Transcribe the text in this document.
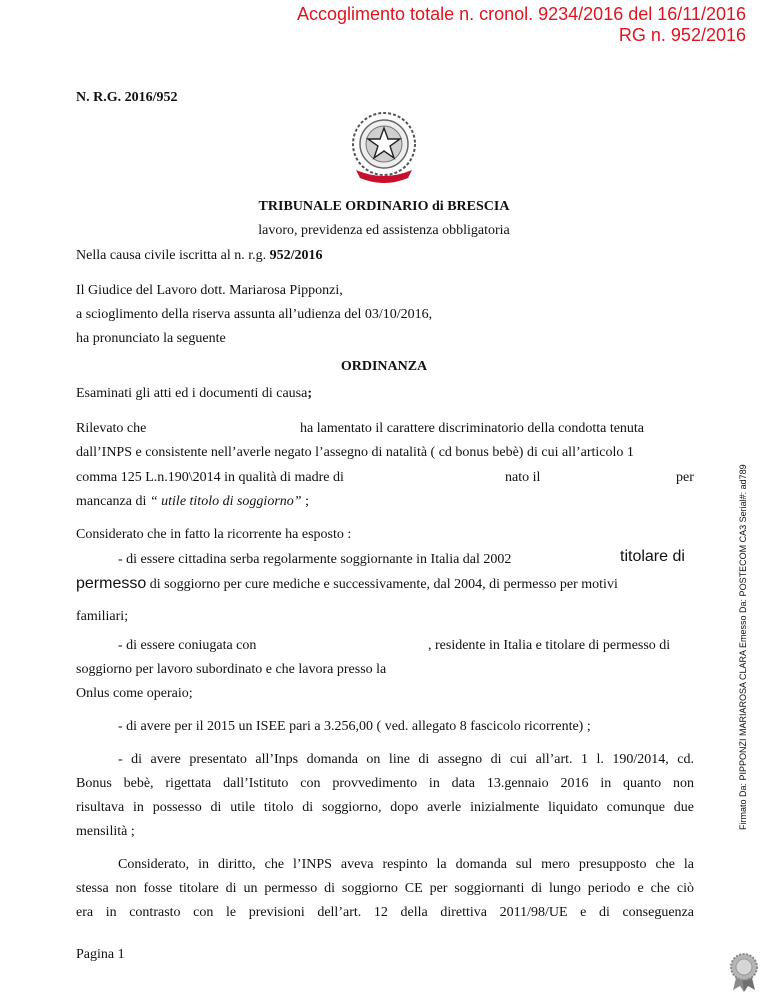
Accoglimento totale n. cronol. 9234/2016 del 16/11/2016
RG n. 952/2016
N. R.G. 2016/952
TRIBUNALE ORDINARIO di BRESCIA
lavoro, previdenza ed assistenza obbligatoria
Nella causa civile iscritta al n. r.g. 952/2016
Il Giudice del Lavoro dott. Mariarosa Pipponzi,
a scioglimento della riserva assunta all’udienza del 03/10/2016,
ha pronunciato la seguente
ORDINANZA
Esaminati gli atti ed i documenti di causa;
Rilevato che	ha lamentato il carattere discriminatorio della condotta tenuta
dall’INPS e consistente nell’averle negato l’assegno di natalità ( cd bonus bebè) di cui all’articolo 1
comma 125 L.n.190\2014 in qualità di madre di	nato il	per
mancanza di “ utile titolo di soggiorno” ;
Considerato che in fatto la ricorrente ha esposto :
- di essere cittadina serba regolarmente soggiornante in Italia dal 2002	titolare di
permesso di soggiorno per cure mediche e successivamente, dal 2004, di permesso per motivi
familiari;
- di essere coniugata con	, residente in Italia e titolare di permesso di
soggiorno per lavoro subordinato e che lavora presso la
Onlus come operaio;
- di avere per il 2015 un ISEE pari a 3.256,00 ( ved. allegato 8 fascicolo ricorrente) ;
- di avere presentato all’Inps domanda on line di assegno di cui all’art. 1 l. 190/2014, cd.
Bonus bebè, rigettata dall’Istituto con provvedimento in data 13.gennaio 2016 in quanto non
risultava in possesso di utile titolo di soggiorno, dopo averle inizialmente liquidato comunque due
mensilità ;
Considerato, in diritto, che l’INPS aveva respinto la domanda sul mero presupposto che la
stessa non fosse titolare di un permesso di soggiorno CE per soggiornanti di lungo periodo e che ciò
era in contrasto con le previsioni dell’art. 12 della direttiva 2011/98/UE e di conseguenza
Pagina 1
Firmato Da: PIPPONZI MARIAROSA CLARA Emesso Da: POSTECOM CA3 Serial#: ad789
